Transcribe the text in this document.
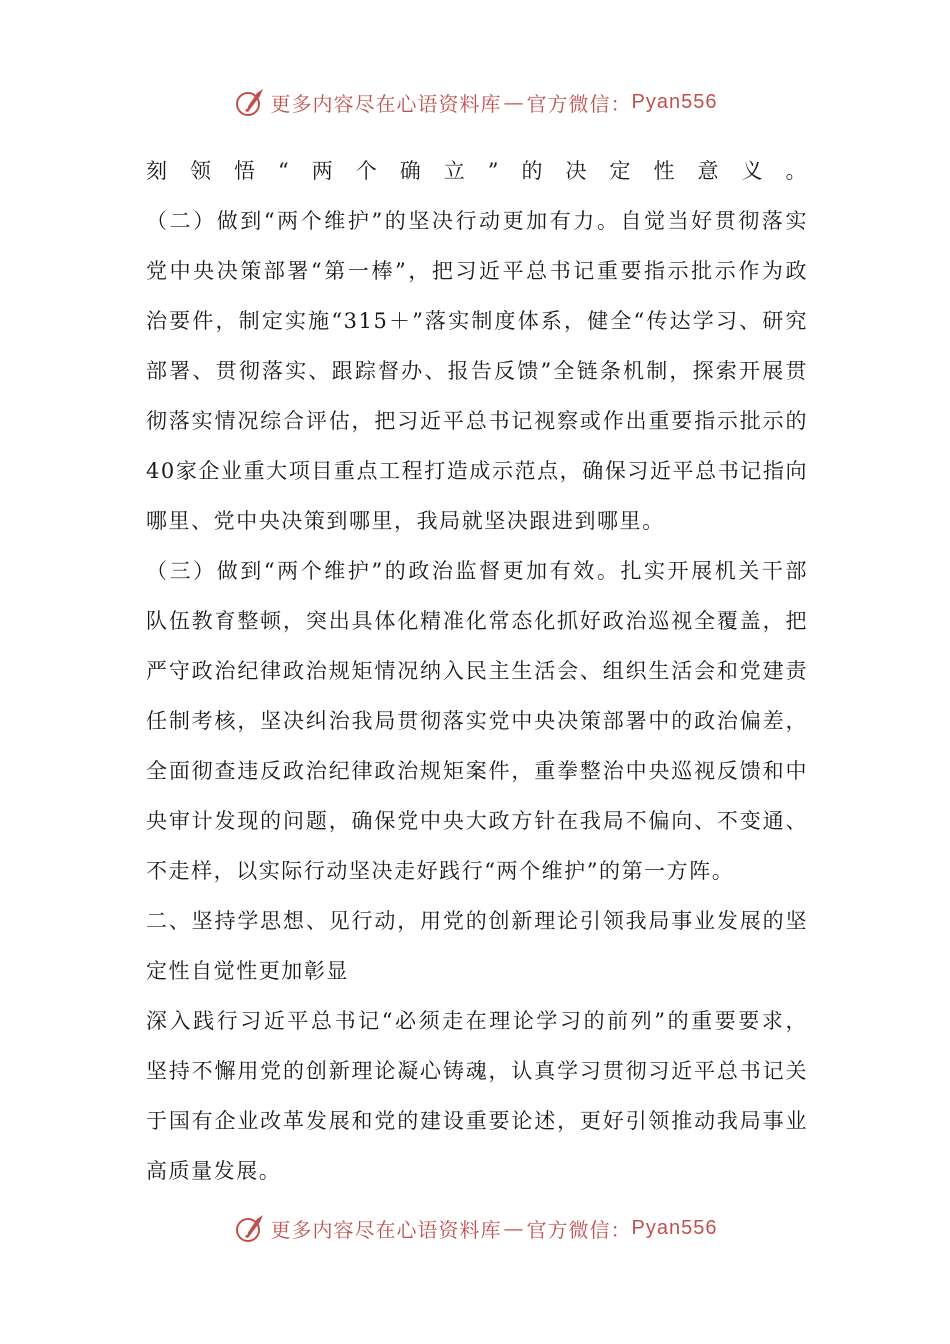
更多内容尽在心语资料库 — 官方微信： Pyan556
刻领悟“两个确立”的决定性意义。
（二）做到“两个维护”的坚决行动更加有力。自觉当好贯彻落实
党中央决策部署“第一棒”，把习近平总书记重要指示批示作为政
治要件，制定实施“315＋”落实制度体系，健全“传达学习、研究
部署、贯彻落实、跟踪督办、报告反馈”全链条机制，探索开展贯
彻落实情况综合评估，把习近平总书记视察或作出重要指示批示的
40家企业重大项目重点工程打造成示范点，确保习近平总书记指向
哪里、党中央决策到哪里，我局就坚决跟进到哪里。
（三）做到“两个维护”的政治监督更加有效。扎实开展机关干部
队伍教育整顿，突出具体化精准化常态化抓好政治巡视全覆盖，把
严守政治纪律政治规矩情况纳入民主生活会、组织生活会和党建责
任制考核，坚决纠治我局贯彻落实党中央决策部署中的政治偏差，
全面彻查违反政治纪律政治规矩案件，重拳整治中央巡视反馈和中
央审计发现的问题，确保党中央大政方针在我局不偏向、不变通、
不走样，以实际行动坚决走好践行“两个维护”的第一方阵。
二、坚持学思想、见行动，用党的创新理论引领我局事业发展的坚
定性自觉性更加彰显
深入践行习近平总书记“必须走在理论学习的前列”的重要要求，
坚持不懈用党的创新理论凝心铸魂，认真学习贯彻习近平总书记关
于国有企业改革发展和党的建设重要论述，更好引领推动我局事业
高质量发展。
更多内容尽在心语资料库 — 官方微信： Pyan556
